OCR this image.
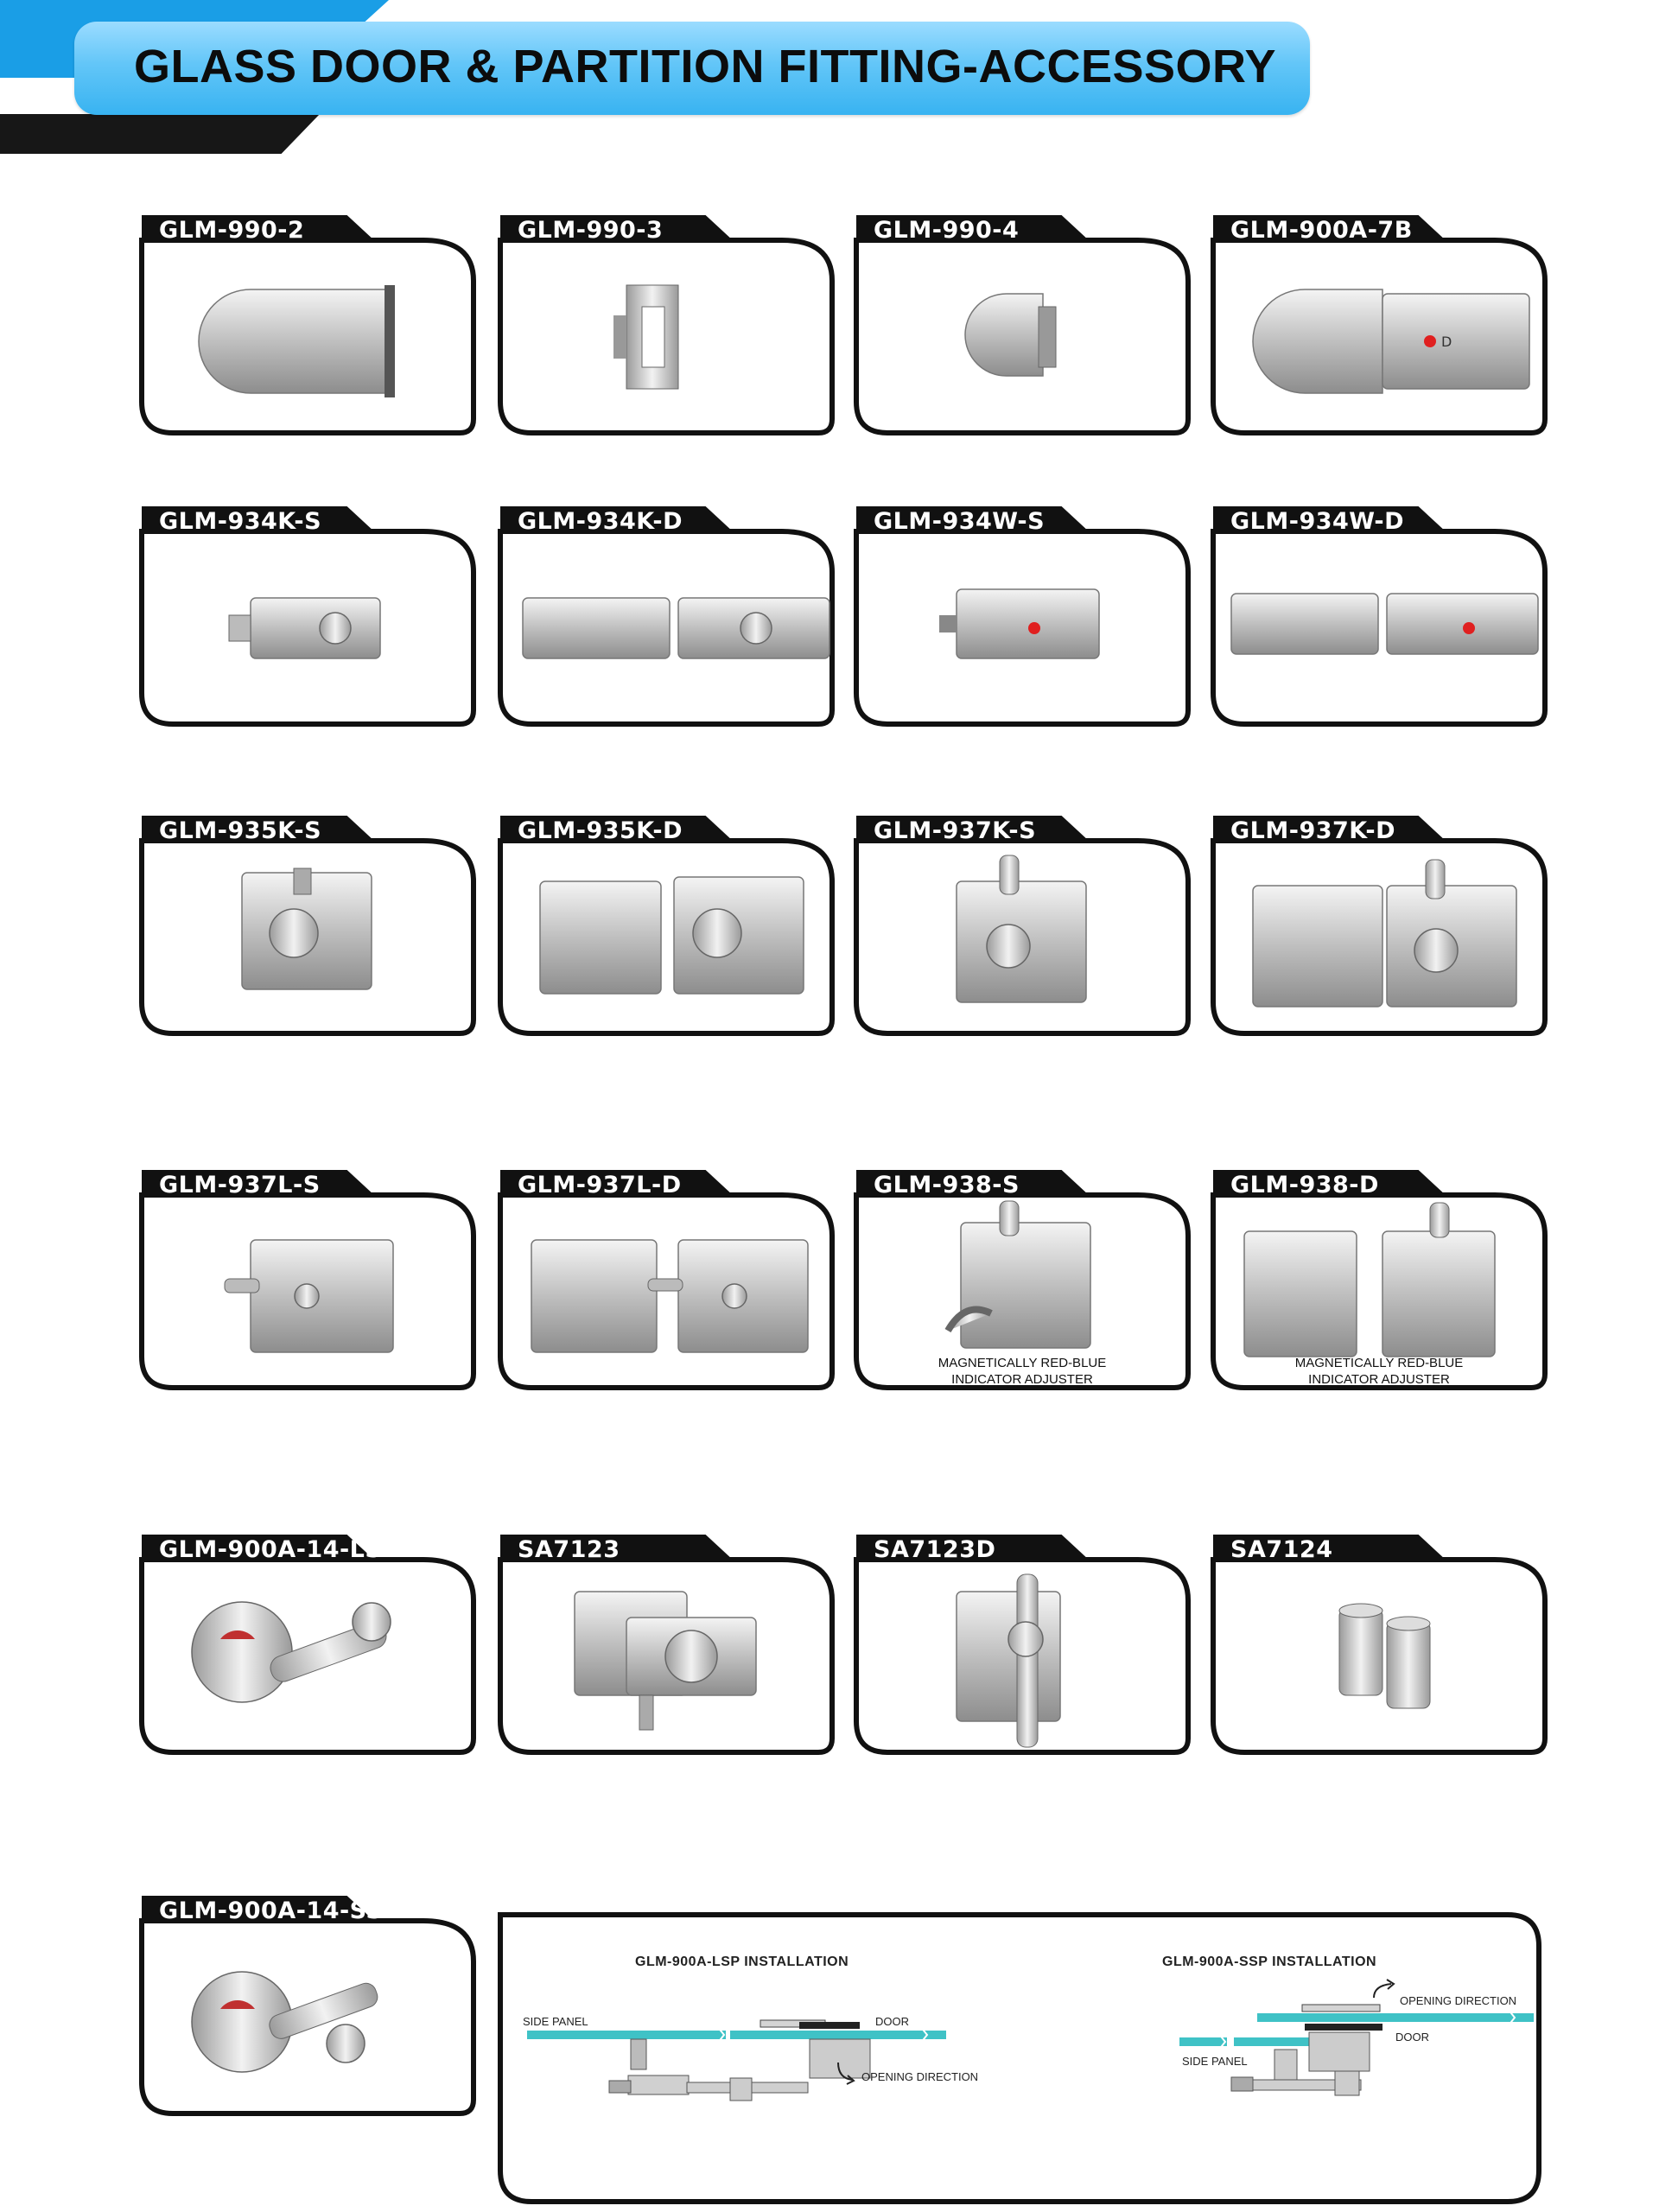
GLASS DOOR & PARTITION FITTING-ACCESSORY
GLM-990-2	GLM-990-3	GLM-990-4
D
GLM-900A-7B
GLM-934K-S	GLM-934K-D	GLM-934W-S	GLM-934W-D
GLM-935K-S	GLM-935K-D	GLM-937K-S	GLM-937K-D
GLM-937L-S	GLM-937L-D	GLM-938-S
MAGNETICALLY RED-BLUE
INDICATOR ADJUSTER
GLM-938-D
MAGNETICALLY RED-BLUE
INDICATOR ADJUSTER
GLM-900A-14-LSP	SA7123	SA7123D	SA7124
GLM-900A-14-SSP
GLM-900A-LSP INSTALLATION
SIDE PANEL	DOOR
OPENING DIRECTION
GLM-900A-SSP INSTALLATION
OPENING DIRECTION
DOOR
SIDE PANEL
